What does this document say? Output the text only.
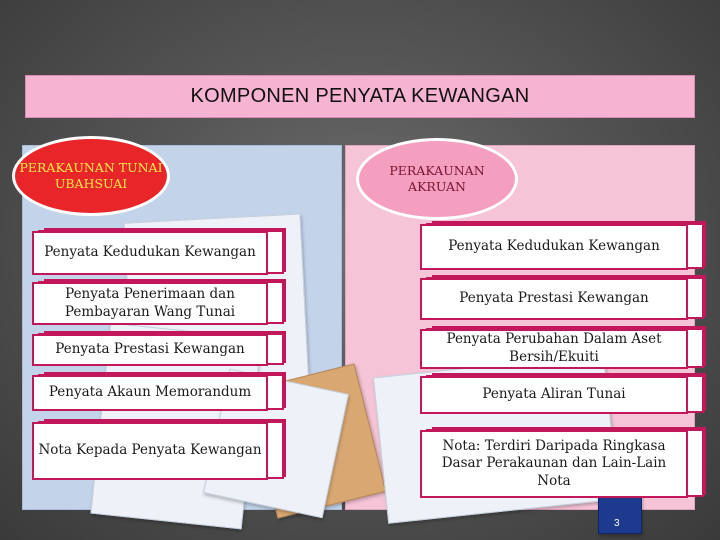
KOMPONEN PENYATA KEWANGAN
3
PERAKAUNAN TUNAI UBAHSUAI
PERAKAUNAN AKRUAN
Penyata Kedudukan Kewangan
Penyata Penerimaan dan Pembayaran Wang Tunai
Penyata Prestasi Kewangan
Penyata Akaun Memorandum
Nota Kepada Penyata Kewangan
Penyata Kedudukan Kewangan
Penyata Prestasi Kewangan
Penyata Perubahan Dalam Aset Bersih/Ekuiti
Penyata Aliran Tunai
Nota: Terdiri Daripada Ringkasa Dasar Perakaunan dan Lain-Lain Nota
